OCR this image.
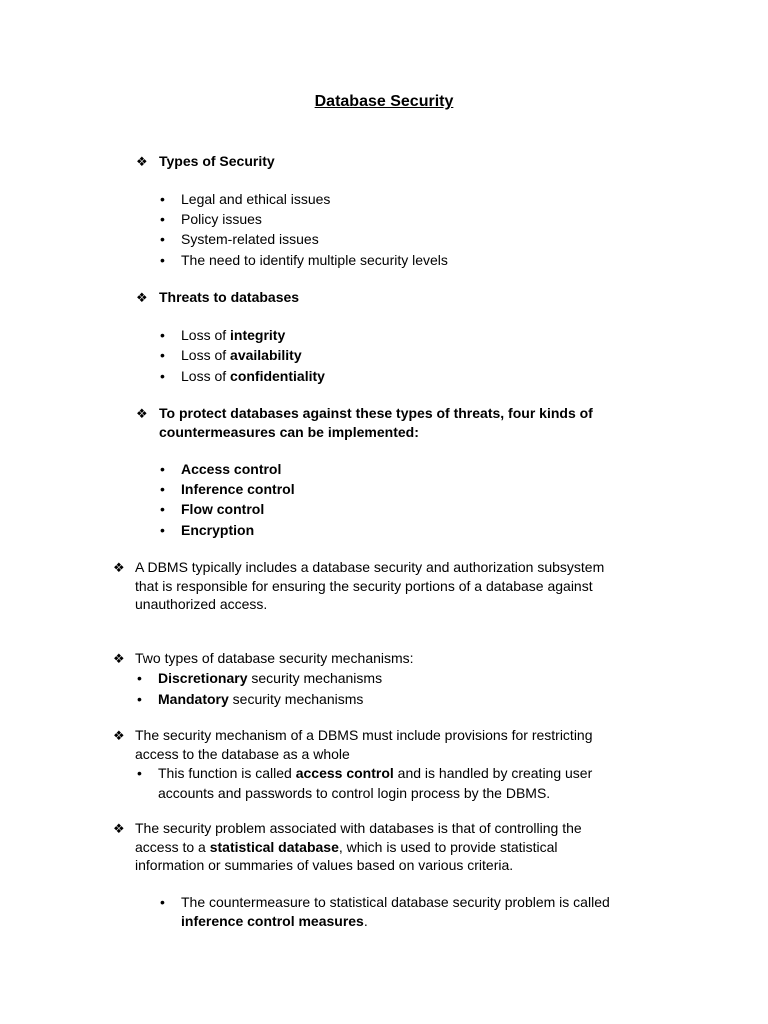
Database Security
❖ Types of Security
•	Legal and ethical issues
•	Policy issues
•	System-related issues
•	The need to identify multiple security levels
❖ Threats to databases
•	Loss of integrity
•	Loss of availability
•	Loss of confidentiality
❖ To protect databases against these types of threats, four kinds of
countermeasures can be implemented:
•	Access control
•	Inference control
•	Flow control
•	Encryption
❖ A DBMS typically includes a database security and authorization subsystem
that is responsible for ensuring the security portions of a database against
unauthorized access.
❖ Two types of database security mechanisms:
•	Discretionary security mechanisms
•	Mandatory security mechanisms
❖ The security mechanism of a DBMS must include provisions for restricting
access to the database as a whole
•	This function is called access control and is handled by creating user
accounts and passwords to control login process by the DBMS.
❖ The security problem associated with databases is that of controlling the
access to a statistical database, which is used to provide statistical
information or summaries of values based on various criteria.
•	The countermeasure to statistical database security problem is called
inference control measures.
